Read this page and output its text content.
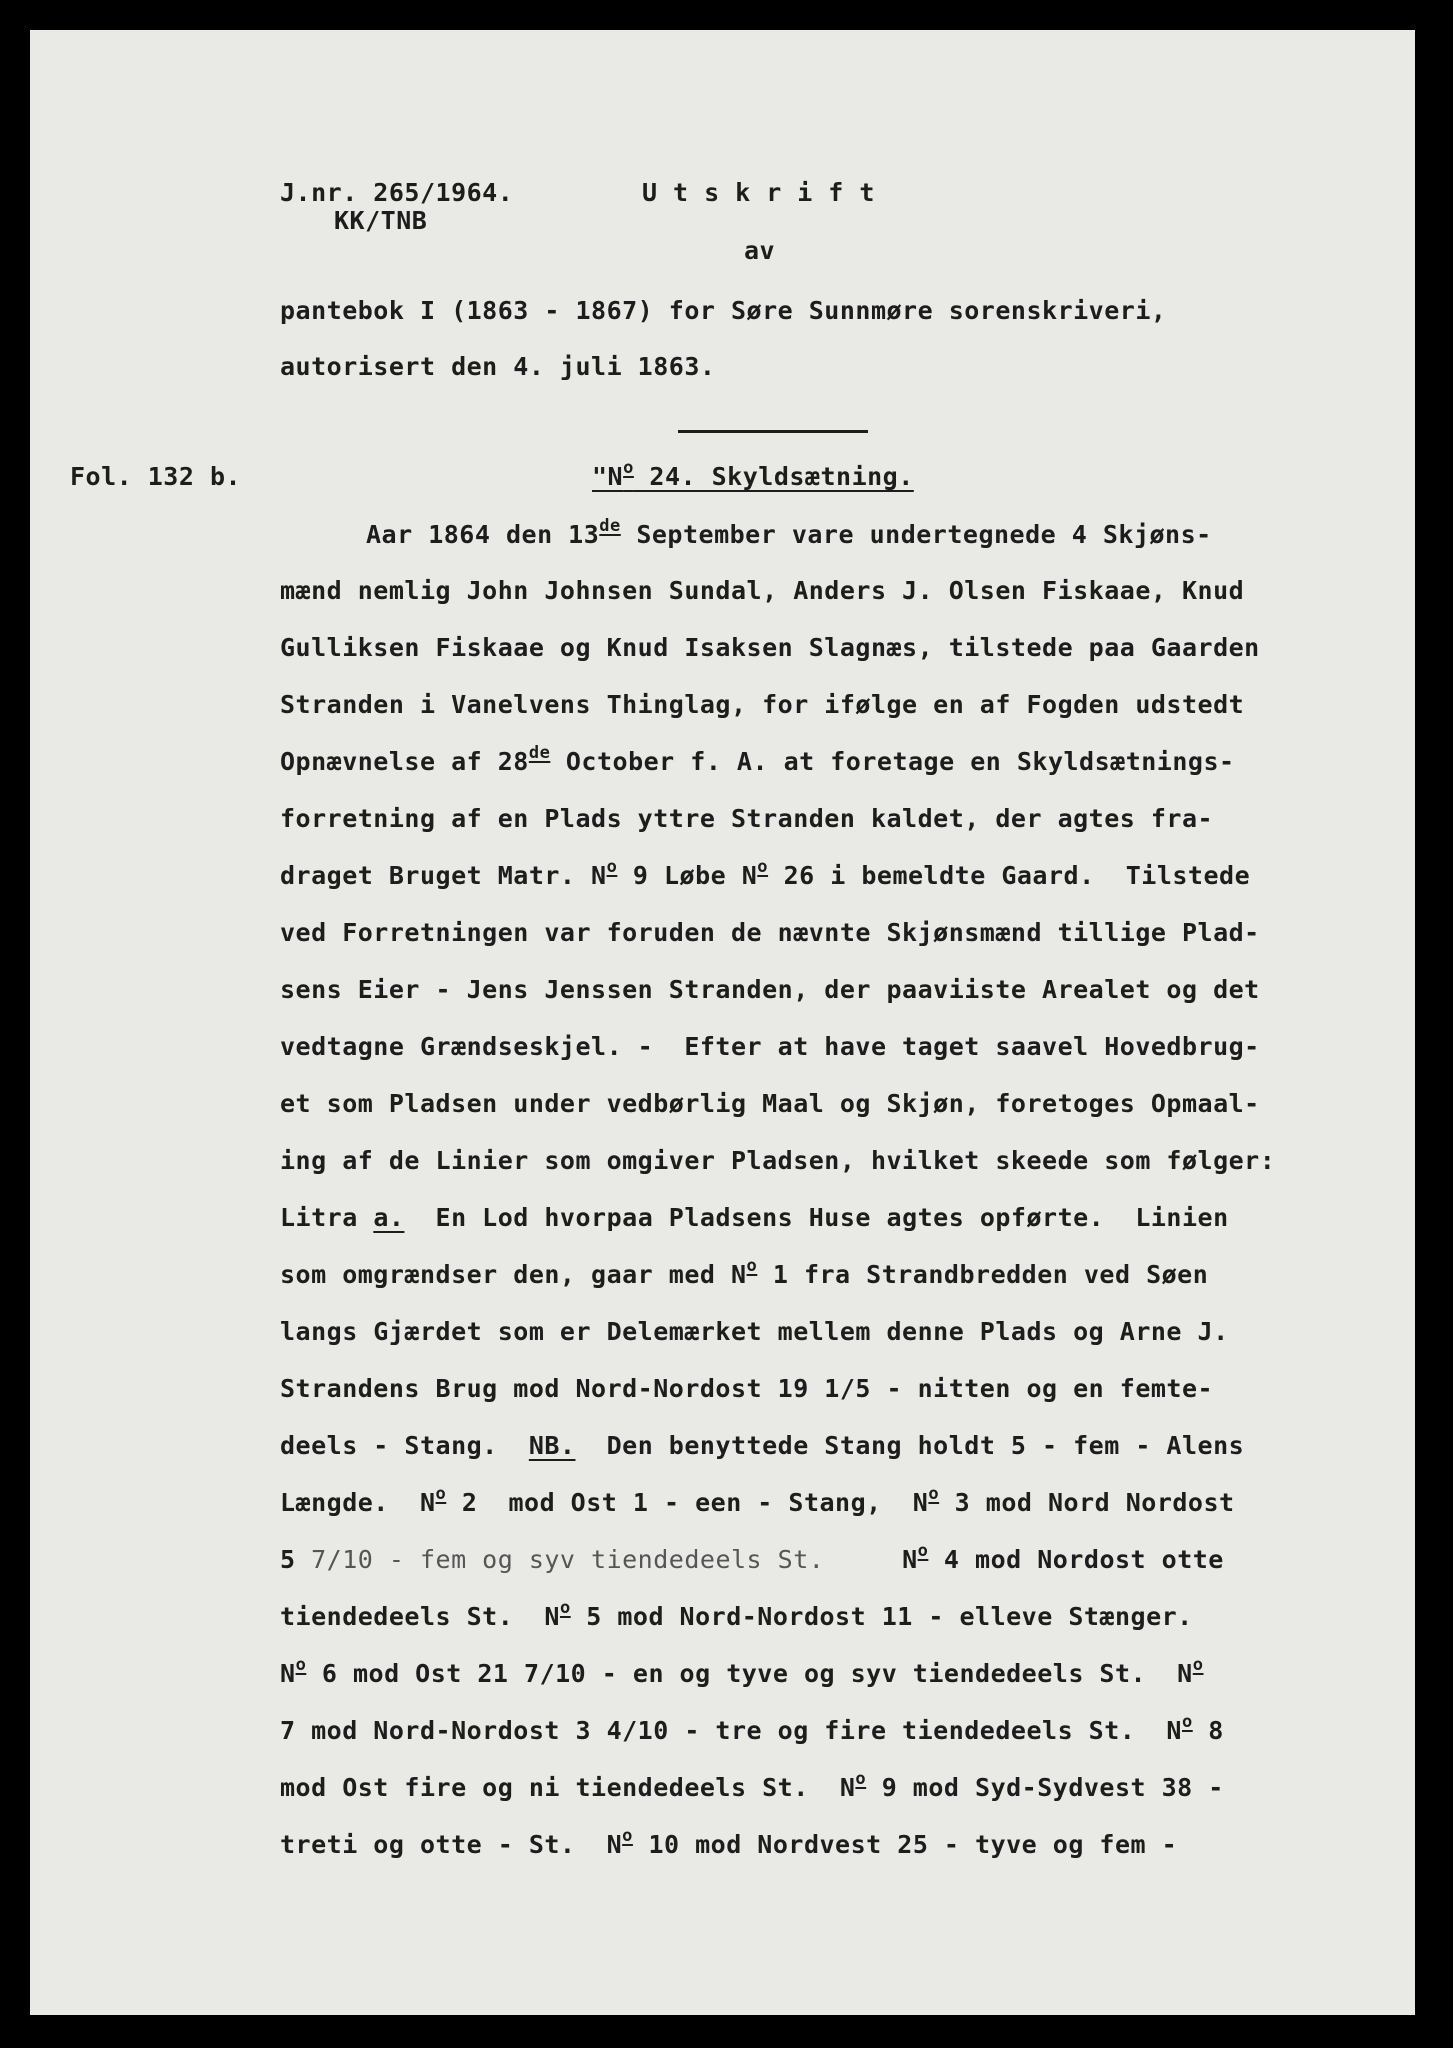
J.nr. 265/1964.
KK/TNB
Utskrift
av
pantebok I (1863 - 1867) for Søre Sunnmøre sorenskriveri,
autorisert den 4. juli 1863.
Fol. 132 b.	"$N^o$ 24. Skyldsætning.
Aar 1864 den 13de September vare undertegnede 4 Skjøns-
mænd nemlig John Johnsen Sundal, Anders J. Olsen Fiskaae, Knud
Gulliksen Fiskaae og Knud Isaksen Slagnæs, tilstede paa Gaarden
Stranden i Vanelvens Thinglag, for ifølge en af Fogden udstedt
Opnævnelse af 28de October f. A. at foretage en Skyldsætnings-
forretning af en Plads yttre Stranden kaldet, der agtes fra-
draget Bruget Matr. $N^o$ 9 Løbe $N^o$ 26 i bemeldte Gaard.  Tilstede
ved Forretningen var foruden de nævnte Skjønsmænd tillige Plad-
sens Eier - Jens Jenssen Stranden, der paaviiste Arealet og det
vedtagne Grændseskjel. -  Efter at have taget saavel Hovedbrug-
et som Pladsen under vedbørlig Maal og Skjøn, foretoges Opmaal-
ing af de Linier som omgiver Pladsen, hvilket skeede som følger:
Litra a.  En Lod hvorpaa Pladsens Huse agtes opførte.  Linien
som omgrændser den, gaar med $N^o$ 1 fra Strandbredden ved Søen
langs Gjærdet som er Delemærket mellem denne Plads og Arne J.
Strandens Brug mod Nord-Nordost 19 1/5 - nitten og en femte-
deels - Stang.  NB.  Den benyttede Stang holdt 5 - fem - Alens
Længde.  $N^o$ 2  mod Ost 1 - een - Stang,  $N^o$ 3 mod Nord Nordost
5 7/10 - fem og syv tiendedeels St.     $N^o$ 4 mod Nordost otte
tiendedeels St.  $N^o$ 5 mod Nord-Nordost 11 - elleve Stænger.
$N^o$ 6 mod Ost 21 7/10 - en og tyve og syv tiendedeels St.  $N^o$
7 mod Nord-Nordost 3 4/10 - tre og fire tiendedeels St.  $N^o$ 8
mod Ost fire og ni tiendedeels St.  $N^o$ 9 mod Syd-Sydvest 38 -
treti og otte - St.  $N^o$ 10 mod Nordvest 25 - tyve og fem -
